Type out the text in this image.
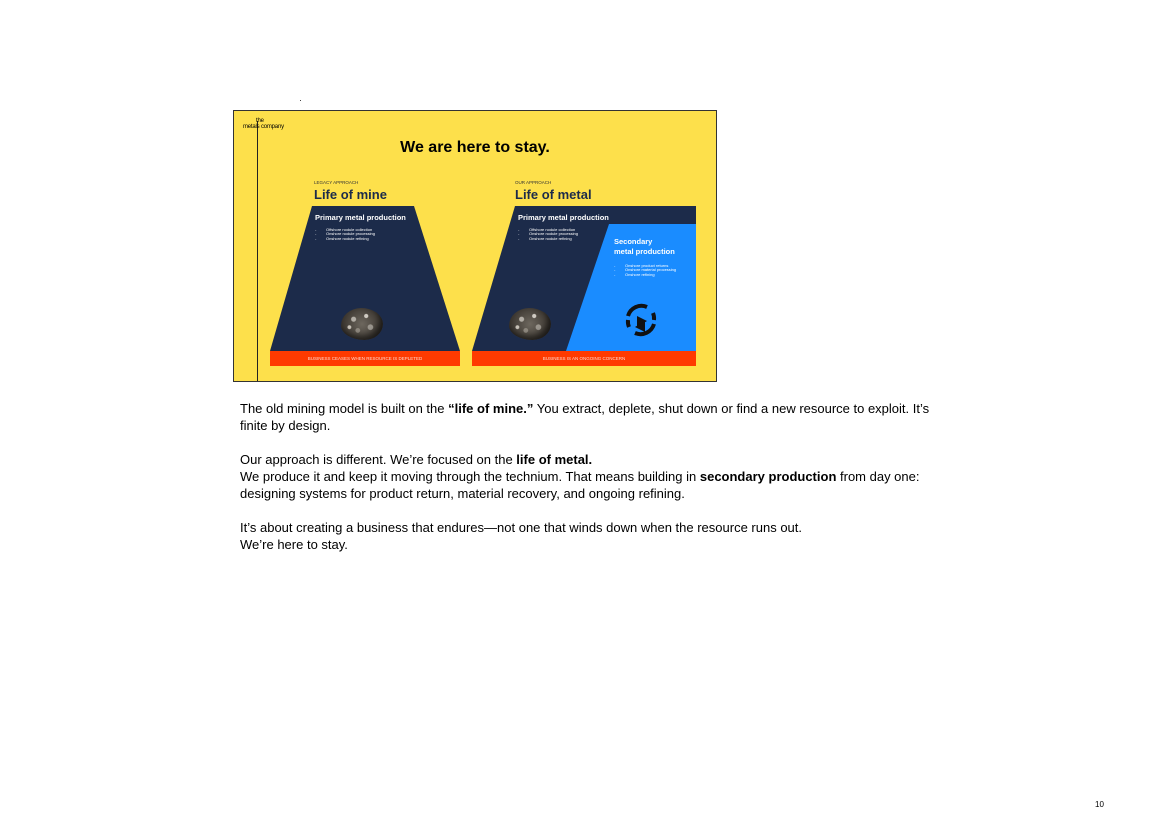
the
metals company
We are here to stay.
LEGACY APPROACH
Life of mine
OUR APPROACH
Life of metal
Primary metal production
- Offshore nodule collection
- Onshore nodule processing
- Onshore nodule refining
Primary metal production
- Offshore nodule collection
- Onshore nodule processing
- Onshore nodule refining	Secondary
metal production
- Onshore product returns
- Onshore material processing
- Onshore refining
BUSINESS CEASES WHEN RESOURCE IS DEPLETED	BUSINESS IS AN ONGOING CONCERN

The old mining model is built on the “life of mine.” You extract, deplete, shut down or find a new resource to exploit. It’s finite by design.

Our approach is different. We’re focused on the life of metal.
We produce it and keep it moving through the technium. That means building in secondary production from day one:
designing systems for product return, material recovery, and ongoing refining.

It’s about creating a business that endures—not one that winds down when the resource runs out.
We’re here to stay.

10
